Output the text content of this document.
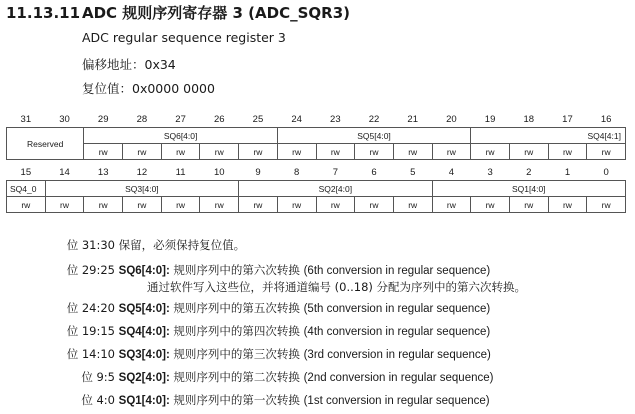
11.13.11 ADC 规则序列寄存器 3 (ADC_SQR3)
ADC regular sequence register 3
偏移地址：0x34
复位值：0x0000 0000
31	30	29	28	27	26	25	24	23	22	21	20	19	18	17	16
Reserved		SQ6[4:0]					SQ5[4:0]					SQ4[4:1]			
		rw	rw	rw	rw	rw	rw	rw	rw	rw	rw	rw	rw	rw	rw
15	14	13	12	11	10	9	8	7	6	5	4	3	2	1	0
SQ4_0	SQ3[4:0]					SQ2[4:0]					SQ1[4:0]				
rw	rw	rw	rw	rw	rw	rw	rw	rw	rw	rw	rw	rw	rw	rw	rw
位 31:30 保留，必须保持复位值。
位 29:25 SQ6[4:0]: 规则序列中的第六次转换 (6th conversion in regular sequence)
通过软件写入这些位，并将通道编号 (0..18) 分配为序列中的第六次转换。
位 24:20 SQ5[4:0]: 规则序列中的第五次转换 (5th conversion in regular sequence)
位 19:15 SQ4[4:0]: 规则序列中的第四次转换 (4th conversion in regular sequence)
位 14:10 SQ3[4:0]: 规则序列中的第三次转换 (3rd conversion in regular sequence)
位 9:5 SQ2[4:0]: 规则序列中的第二次转换 (2nd conversion in regular sequence)
位 4:0 SQ1[4:0]: 规则序列中的第一次转换 (1st conversion in regular sequence)
